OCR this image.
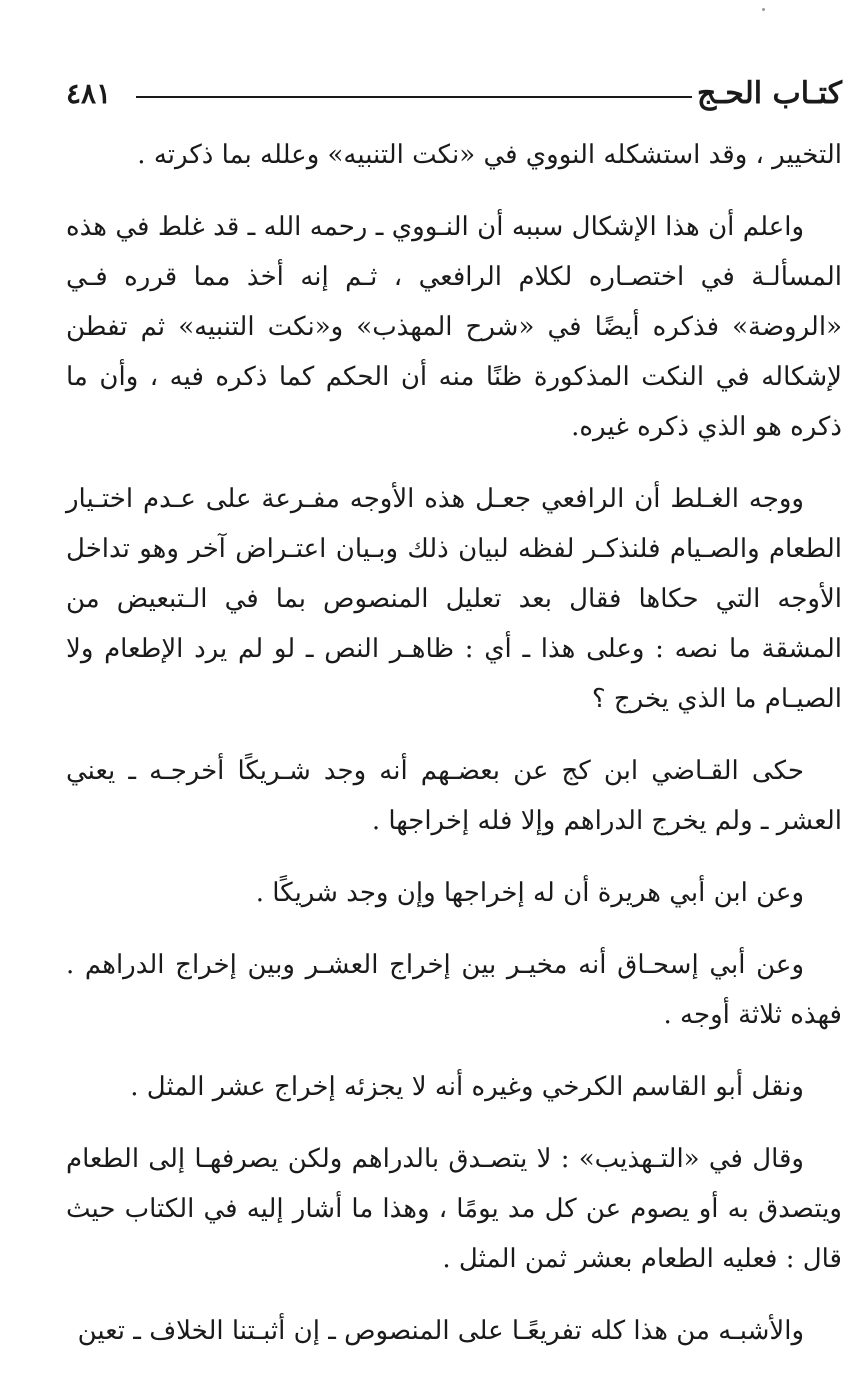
كتـاب الحـج
٤٨١

التخيير ، وقد استشكله النووي في «نكت التنبيه» وعلله بما ذكرته .

واعلم أن هذا الإشكال سببه أن النـووي ـ رحمه الله ـ قد غلط في هذه المسألـة في اختصـاره لكلام الرافعي ، ثـم إنه أخذ مما قرره فـي «الروضة» فذكره أيضًا في «شرح المهذب» و«نكت التنبيه» ثم تفطن لإشكاله في النكت المذكورة ظنًا منه أن الحكم كما ذكره فيه ، وأن ما ذكره هو الذي ذكره غيره.

ووجه الغـلط أن الرافعي جعـل هذه الأوجه مفـرعة على عـدم اختـيار الطعام والصـيام فلنذكـر لفظه لبيان ذلك وبـيان اعتـراض آخر وهو تداخل الأوجه التي حكاها فقال بعد تعليل المنصوص بما في الـتبعيض من المشقة ما نصه : وعلى هذا ـ أي : ظاهـر النص ـ لو لم يرد الإطعام ولا الصيـام ما الذي يخرج ؟

حكى القـاضي ابن كج عن بعضـهم أنه وجد شـريكًا أخرجـه ـ يعني العشر ـ ولم يخرج الدراهم وإلا فله إخراجها .

وعن ابن أبي هريرة أن له إخراجها وإن وجد شريكًا .

وعن أبي إسحـاق أنه مخيـر بين إخراج العشـر وبين إخراج الدراهم . فهذه ثلاثة أوجه .

ونقل أبو القاسم الكرخي وغيره أنه لا يجزئه إخراج عشر المثل .

وقال في «التـهذيب» : لا يتصـدق بالدراهم ولكن يصرفهـا إلى الطعام ويتصدق به أو يصوم عن كل مد يومًا ، وهذا ما أشار إليه في الكتاب حيث قال : فعليه الطعام بعشر ثمن المثل .

والأشبـه من هذا كله تفريعًـا على المنصوص ـ إن أثبـتنا الخلاف ـ تعين
